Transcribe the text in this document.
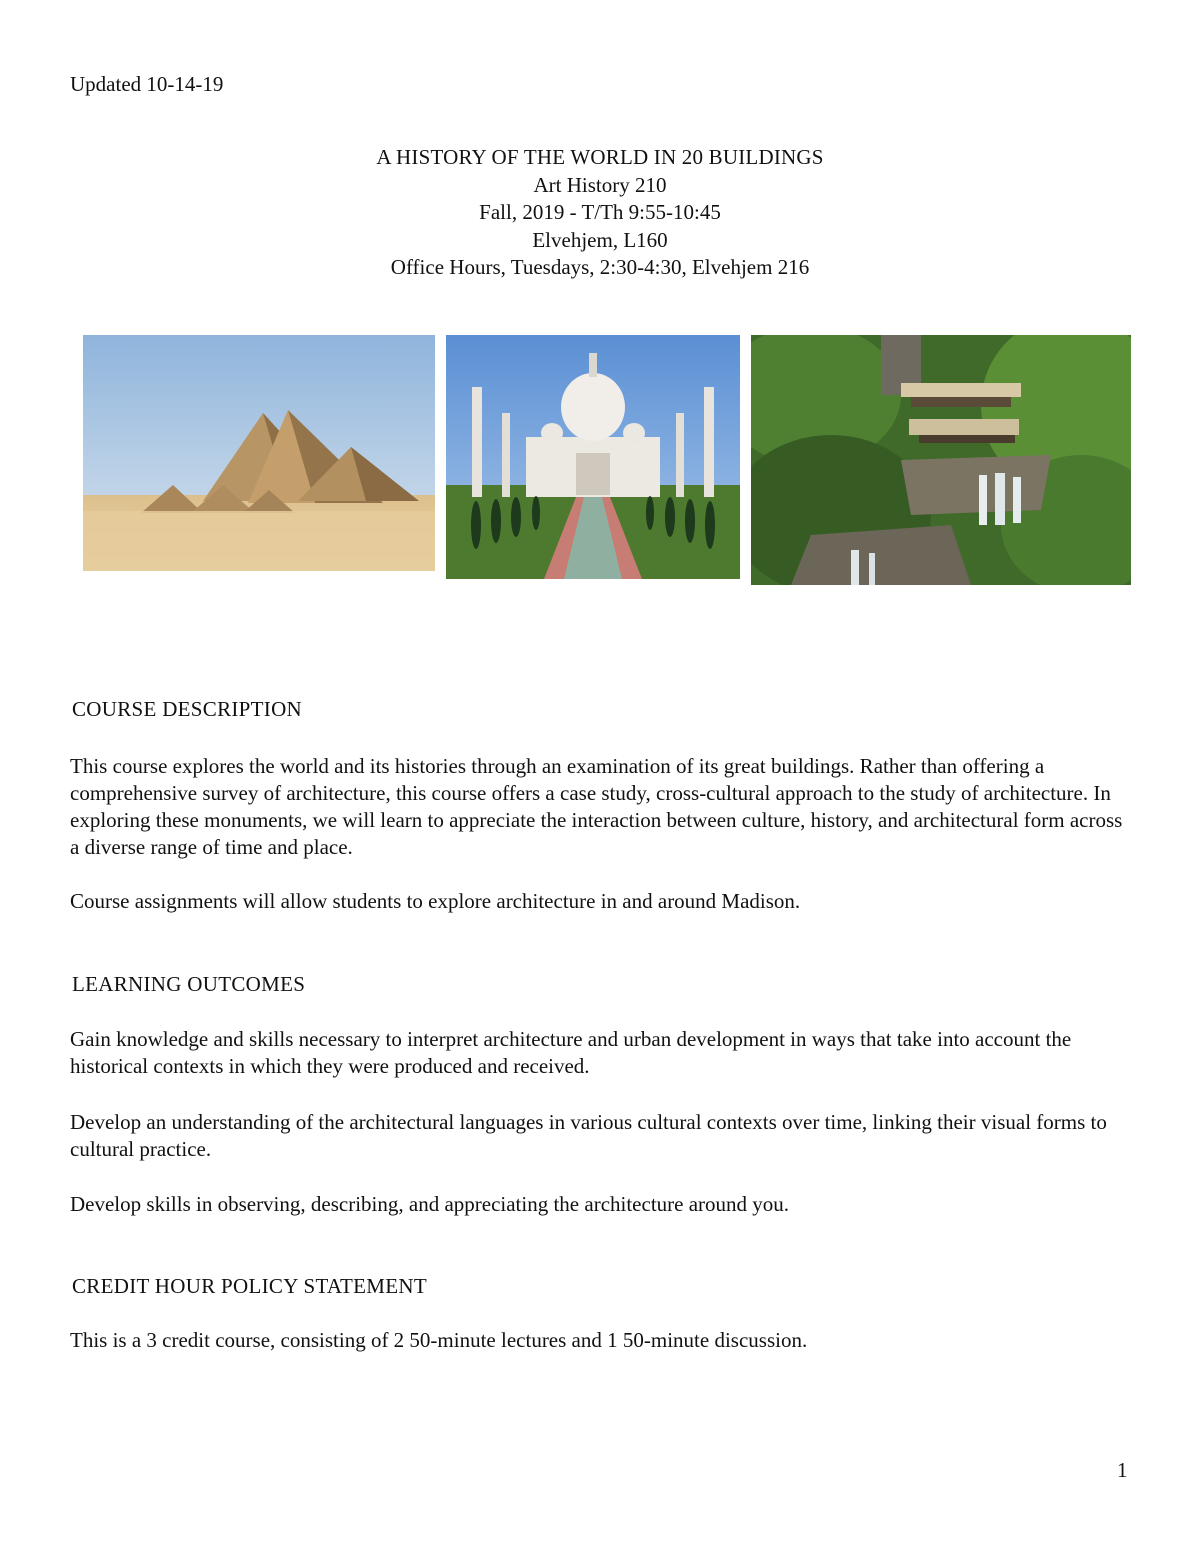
Updated 10-14-19
A HISTORY OF THE WORLD IN 20 BUILDINGS
Art History 210
Fall, 2019 - T/Th 9:55-10:45
Elvehjem, L160
Office Hours, Tuesdays, 2:30-4:30, Elvehjem 216
COURSE DESCRIPTION
This course explores the world and its histories through an examination of its great buildings. Rather than offering a comprehensive survey of architecture, this course offers a case study, cross-cultural approach to the study of architecture. In exploring these monuments, we will learn to appreciate the interaction between culture, history, and architectural form across a diverse range of time and place.
Course assignments will allow students to explore architecture in and around Madison.
LEARNING OUTCOMES
Gain knowledge and skills necessary to interpret architecture and urban development in ways that take into account the historical contexts in which they were produced and received.
Develop an understanding of the architectural languages in various cultural contexts over time, linking their visual forms to cultural practice.
Develop skills in observing, describing, and appreciating the architecture around you.
CREDIT HOUR POLICY STATEMENT
This is a 3 credit course, consisting of 2 50-minute lectures and 1 50-minute discussion.
1
